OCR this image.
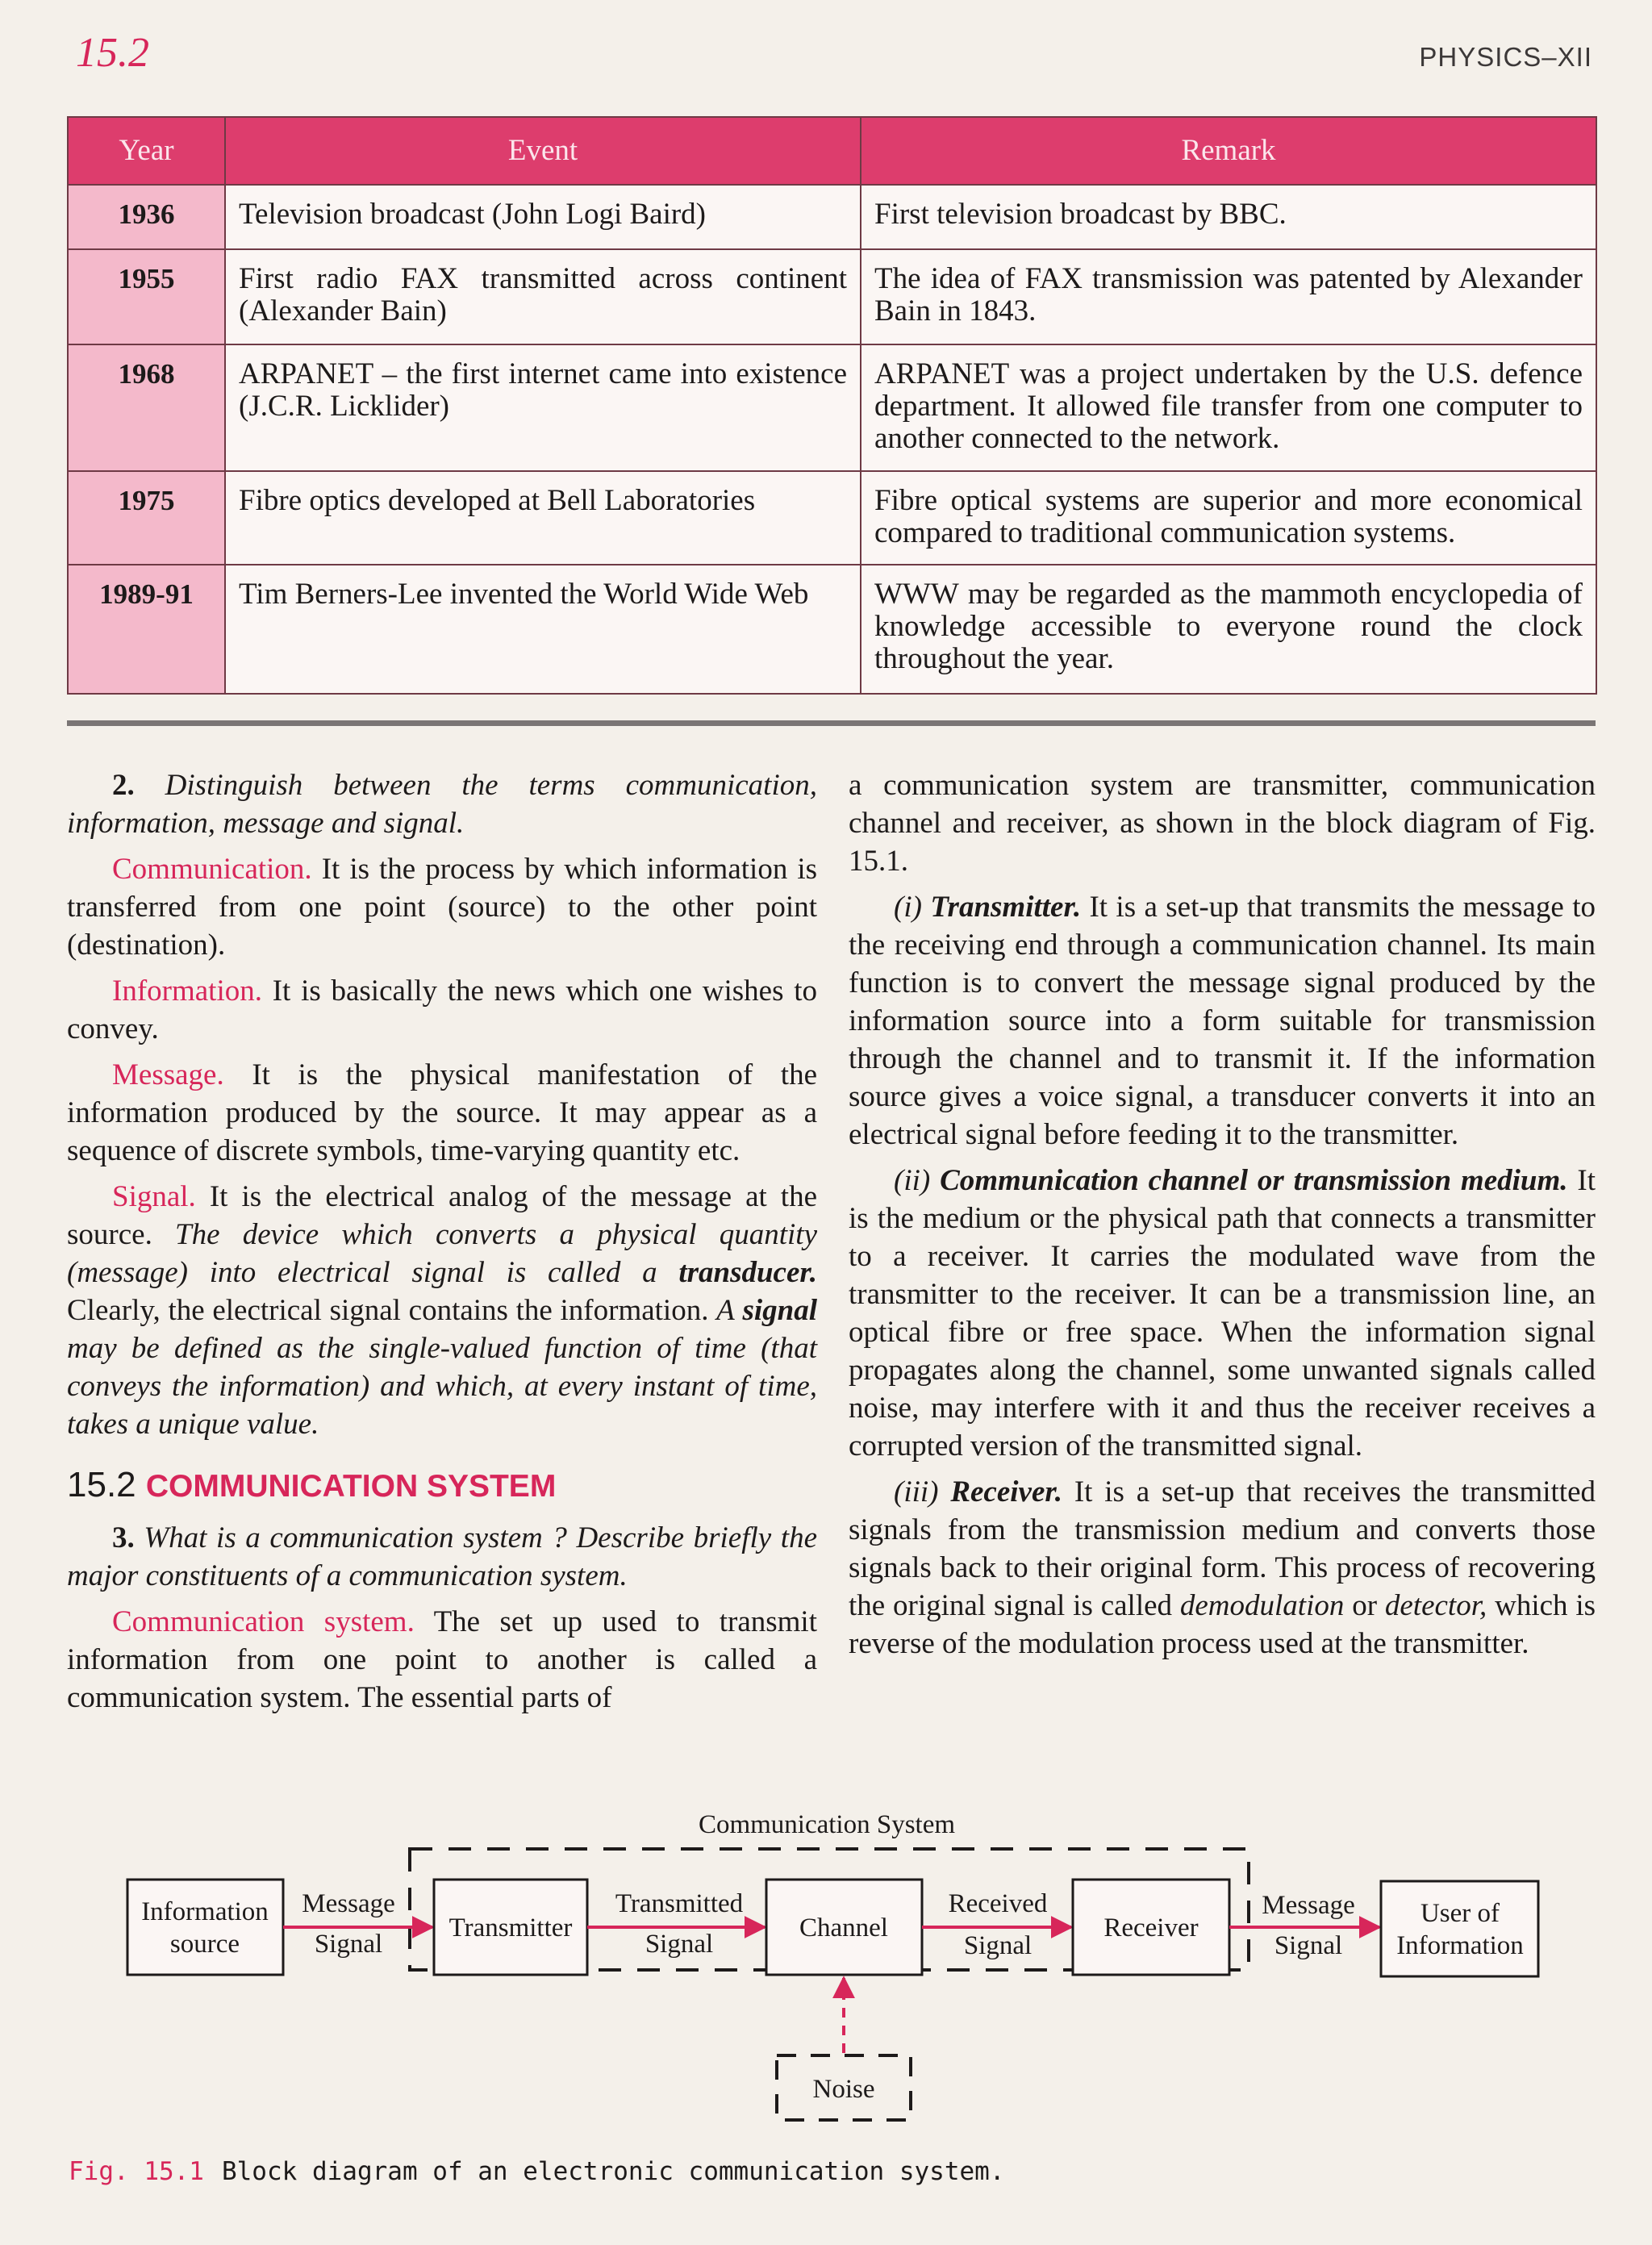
15.2	PHYSICS–XII
Year	Event	Remark
1936	Television broadcast (John Logi Baird)	First television broadcast by BBC.
1955	First radio FAX transmitted across continent (Alexander Bain)	The idea of FAX transmission was patented by Alexander Bain in 1843.
1968	ARPANET – the first internet came into existence (J.C.R. Licklider)	ARPANET was a project undertaken by the U.S. defence department. It allowed file transfer from one computer to another connected to the network.
1975	Fibre optics developed at Bell Laboratories	Fibre optical systems are superior and more economical compared to traditional communication systems.
1989-91	Tim Berners-Lee invented the World Wide Web	WWW may be regarded as the mammoth encyclopedia of knowledge accessible to everyone round the clock throughout the year.

2. Distinguish between the terms communication, information, message and signal.

Communication. It is the process by which information is transferred from one point (source) to the other point (destination).

Information. It is basically the news which one wishes to convey.

Message. It is the physical manifestation of the information produced by the source. It may appear as a sequence of discrete symbols, time-varying quantity etc.

Signal. It is the electrical analog of the message at the source. The device which converts a physical quantity (message) into electrical signal is called a transducer. Clearly, the electrical signal contains the information. A signal may be defined as the single-valued function of time (that conveys the information) and which, at every instant of time, takes a unique value.

15.2 COMMUNICATION SYSTEM

3. What is a communication system ? Describe briefly the major constituents of a communication system.

Communication system. The set up used to transmit information from one point to another is called a communication system. The essential parts of

a communication system are transmitter, communication channel and receiver, as shown in the block diagram of Fig. 15.1.

(i) Transmitter. It is a set-up that transmits the message to the receiving end through a communication channel. Its main function is to convert the message signal produced by the information source into a form suitable for transmission through the channel and to transmit it. If the information source gives a voice signal, a transducer converts it into an electrical signal before feeding it to the transmitter.

(ii) Communication channel or transmission medium. It is the medium or the physical path that connects a transmitter to a receiver. It carries the modulated wave from the transmitter to the receiver. It can be a transmission line, an optical fibre or free space. When the information signal propagates along the channel, some unwanted signals called noise, may interfere with it and thus the receiver receives a corrupted version of the transmitted signal.

(iii) Receiver. It is a set-up that receives the transmitted signals from the transmission medium and converts those signals back to their original form. This process of recovering the original signal is called demodulation or detector, which is reverse of the modulation process used at the transmitter.

Communication System
Information
source
Message
Signal
Transmitter
Transmitted
Signal
Channel
Received
Signal
Receiver
Message
Signal
User of
Information
Noise
Fig. 15.1 Block diagram of an electronic communication system.
